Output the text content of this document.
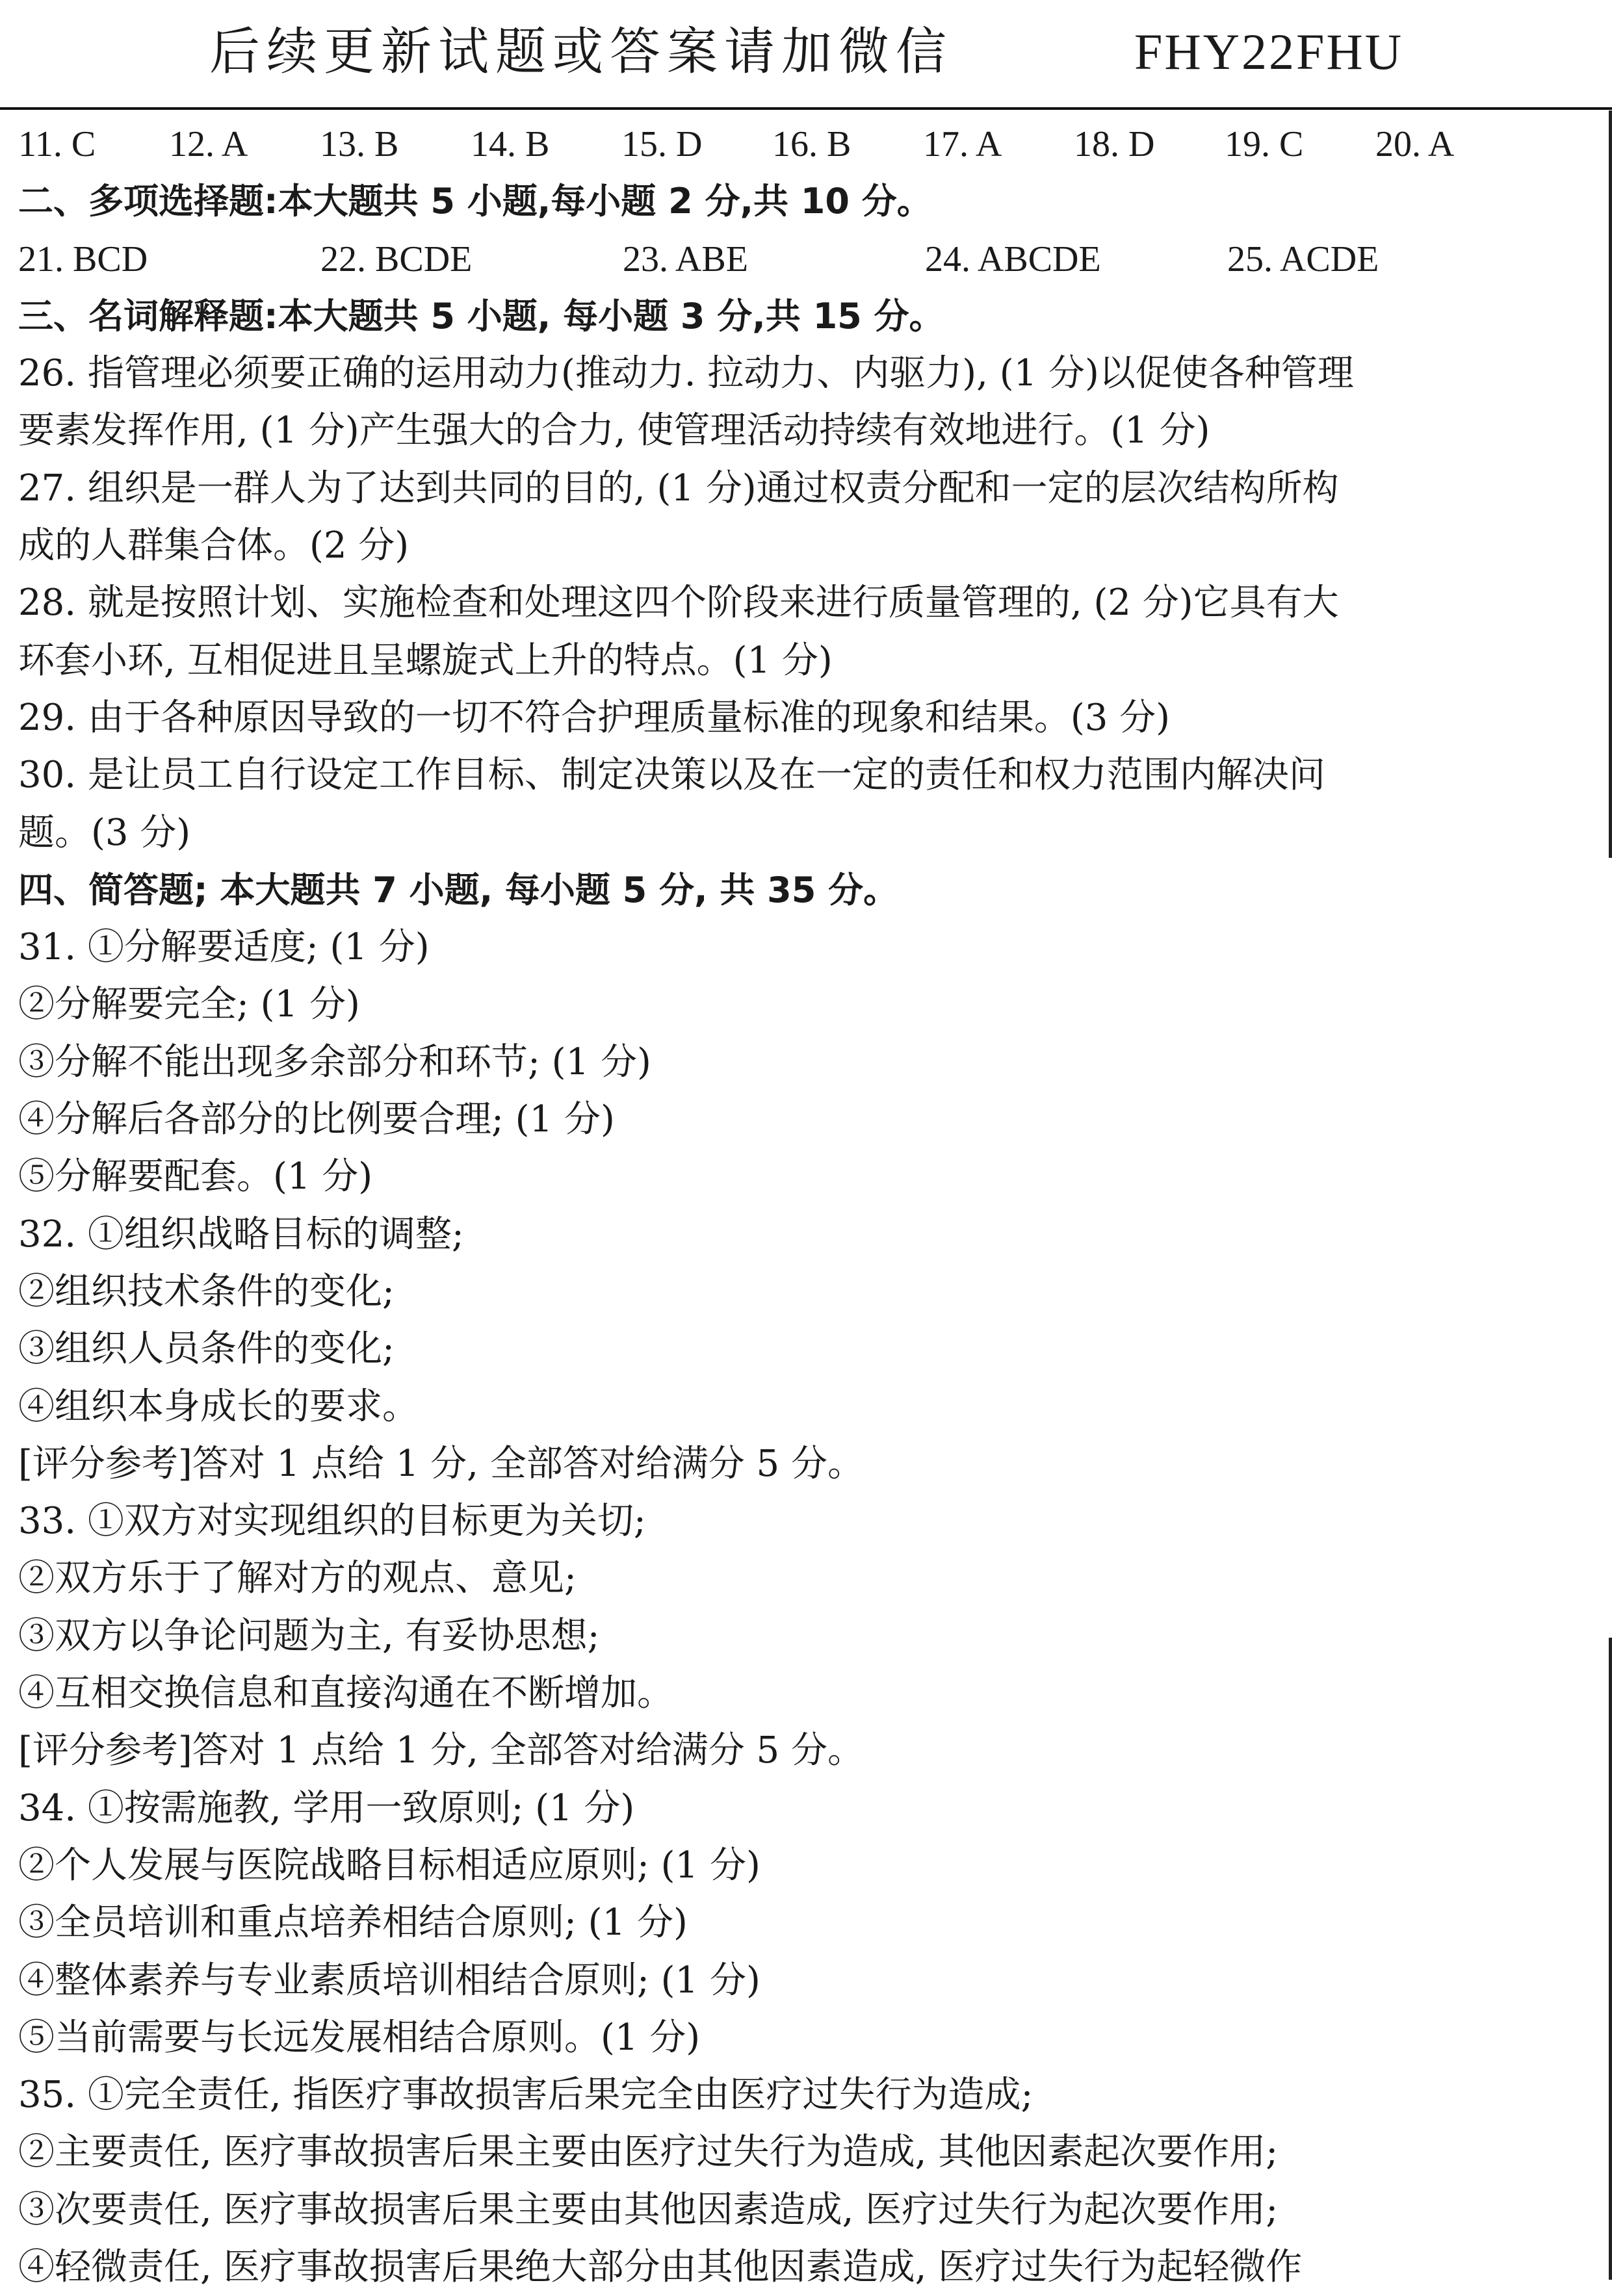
后续更新试题或答案请加微信	FHY22FHU
11. C	12. A	13. B	14. B	15. D	16. B	17. A	18. D	19. C	20. A
二、多项选择题:本大题共 5 小题,每小题 2 分,共 10 分。
21. BCD	22. BCDE	23. ABE	24. ABCDE	25. ACDE
三、名词解释题:本大题共 5 小题, 每小题 3 分,共 15 分。
26. 指管理必须要正确的运用动力(推动力. 拉动力、内驱力), (1 分)以促使各种管理
要素发挥作用, (1 分)产生强大的合力, 使管理活动持续有效地进行。(1 分)
27. 组织是一群人为了达到共同的目的, (1 分)通过权责分配和一定的层次结构所构
成的人群集合体。(2 分)
28. 就是按照计划、实施检查和处理这四个阶段来进行质量管理的, (2 分)它具有大
环套小环, 互相促进且呈螺旋式上升的特点。(1 分)
29. 由于各种原因导致的一切不符合护理质量标准的现象和结果。(3 分)
30. 是让员工自行设定工作目标、制定决策以及在一定的责任和权力范围内解决问
题。(3 分)
四、简答题; 本大题共 7 小题, 每小题 5 分, 共 35 分。
31. ①分解要适度; (1 分)
②分解要完全; (1 分)
③分解不能出现多余部分和环节; (1 分)
④分解后各部分的比例要合理; (1 分)
⑤分解要配套。(1 分)
32. ①组织战略目标的调整;
②组织技术条件的变化;
③组织人员条件的变化;
④组织本身成长的要求。
[评分参考]答对 1 点给 1 分, 全部答对给满分 5 分。
33. ①双方对实现组织的目标更为关切;
②双方乐于了解对方的观点、意见;
③双方以争论问题为主, 有妥协思想;
④互相交换信息和直接沟通在不断增加。
[评分参考]答对 1 点给 1 分, 全部答对给满分 5 分。
34. ①按需施教, 学用一致原则; (1 分)
②个人发展与医院战略目标相适应原则; (1 分)
③全员培训和重点培养相结合原则; (1 分)
④整体素养与专业素质培训相结合原则; (1 分)
⑤当前需要与长远发展相结合原则。(1 分)
35. ①完全责任, 指医疗事故损害后果完全由医疗过失行为造成;
②主要责任, 医疗事故损害后果主要由医疗过失行为造成, 其他因素起次要作用;
③次要责任, 医疗事故损害后果主要由其他因素造成, 医疗过失行为起次要作用;
④轻微责任, 医疗事故损害后果绝大部分由其他因素造成, 医疗过失行为起轻微作
